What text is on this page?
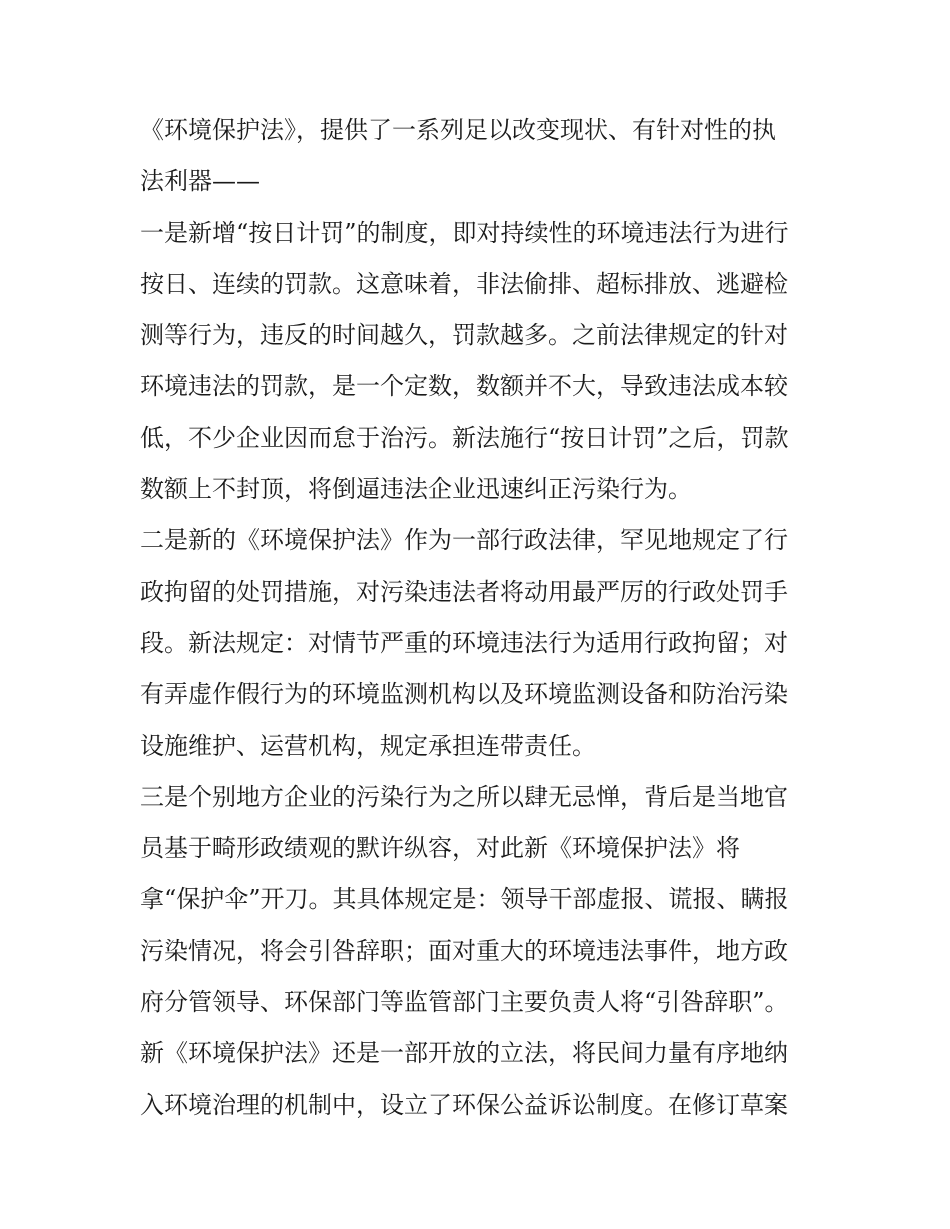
《环境保护法》，提供了一系列足以改变现状、有针对性的执
法利器——
一是新增“按日计罚”的制度，即对持续性的环境违法行为进行
按日、连续的罚款。这意味着，非法偷排、超标排放、逃避检
测等行为，违反的时间越久，罚款越多。之前法律规定的针对
环境违法的罚款，是一个定数，数额并不大，导致违法成本较
低，不少企业因而怠于治污。新法施行“按日计罚”之后，罚款
数额上不封顶，将倒逼违法企业迅速纠正污染行为。
二是新的《环境保护法》作为一部行政法律，罕见地规定了行
政拘留的处罚措施，对污染违法者将动用最严厉的行政处罚手
段。新法规定：对情节严重的环境违法行为适用行政拘留；对
有弄虚作假行为的环境监测机构以及环境监测设备和防治污染
设施维护、运营机构，规定承担连带责任。
三是个别地方企业的污染行为之所以肆无忌惮，背后是当地官
员基于畸形政绩观的默许纵容，对此新《环境保护法》将
拿“保护伞”开刀。其具体规定是：领导干部虚报、谎报、瞒报
污染情况，将会引咎辞职；面对重大的环境违法事件，地方政
府分管领导、环保部门等监管部门主要负责人将“引咎辞职”。
新《环境保护法》还是一部开放的立法，将民间力量有序地纳
入环境治理的机制中，设立了环保公益诉讼制度。在修订草案
